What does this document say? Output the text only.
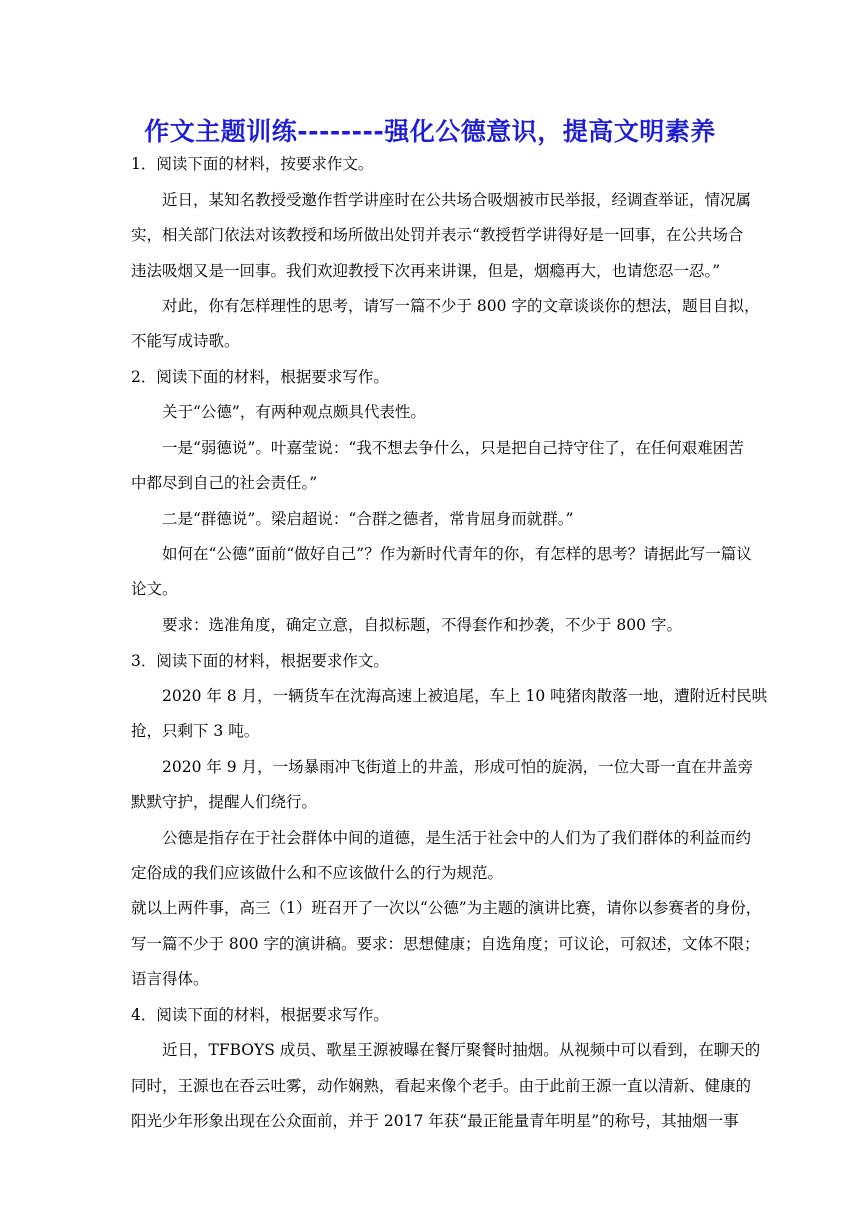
作文主题训练--------强化公德意识，提高文明素养
1．阅读下面的材料，按要求作文。
近日，某知名教授受邀作哲学讲座时在公共场合吸烟被市民举报，经调查举证，情况属
实，相关部门依法对该教授和场所做出处罚并表示“教授哲学讲得好是一回事，在公共场合
违法吸烟又是一回事。我们欢迎教授下次再来讲课，但是，烟瘾再大，也请您忍一忍。”
对此，你有怎样理性的思考，请写一篇不少于 800 字的文章谈谈你的想法，题目自拟，
不能写成诗歌。
2．阅读下面的材料，根据要求写作。
关于“公德”，有两种观点颇具代表性。
一是“弱德说”。叶嘉莹说：“我不想去争什么，只是把自己持守住了，在任何艰难困苦
中都尽到自己的社会责任。”
二是“群德说”。梁启超说：“合群之德者，常肯屈身而就群。”
如何在“公德”面前“做好自己”？作为新时代青年的你，有怎样的思考？请据此写一篇议
论文。
要求：选准角度，确定立意，自拟标题，不得套作和抄袭，不少于 800 字。
3．阅读下面的材料，根据要求作文。
2020 年 8 月，一辆货车在沈海高速上被追尾，车上 10 吨猪肉散落一地，遭附近村民哄
抢，只剩下 3 吨。
2020 年 9 月，一场暴雨冲飞街道上的井盖，形成可怕的旋涡，一位大哥一直在井盖旁
默默守护，提醒人们绕行。
公德是指存在于社会群体中间的道德，是生活于社会中的人们为了我们群体的利益而约
定俗成的我们应该做什么和不应该做什么的行为规范。
就以上两件事，高三（1）班召开了一次以“公德”为主题的演讲比赛，请你以参赛者的身份，
写一篇不少于 800 字的演讲稿。要求：思想健康；自选角度；可议论，可叙述，文体不限；
语言得体。
4．阅读下面的材料，根据要求写作。
近日，TFBOYS 成员、歌星王源被曝在餐厅聚餐时抽烟。从视频中可以看到，在聊天的
同时，王源也在吞云吐雾，动作娴熟，看起来像个老手。由于此前王源一直以清新、健康的
阳光少年形象出现在公众面前，并于 2017 年获“最正能量青年明星”的称号，其抽烟一事
